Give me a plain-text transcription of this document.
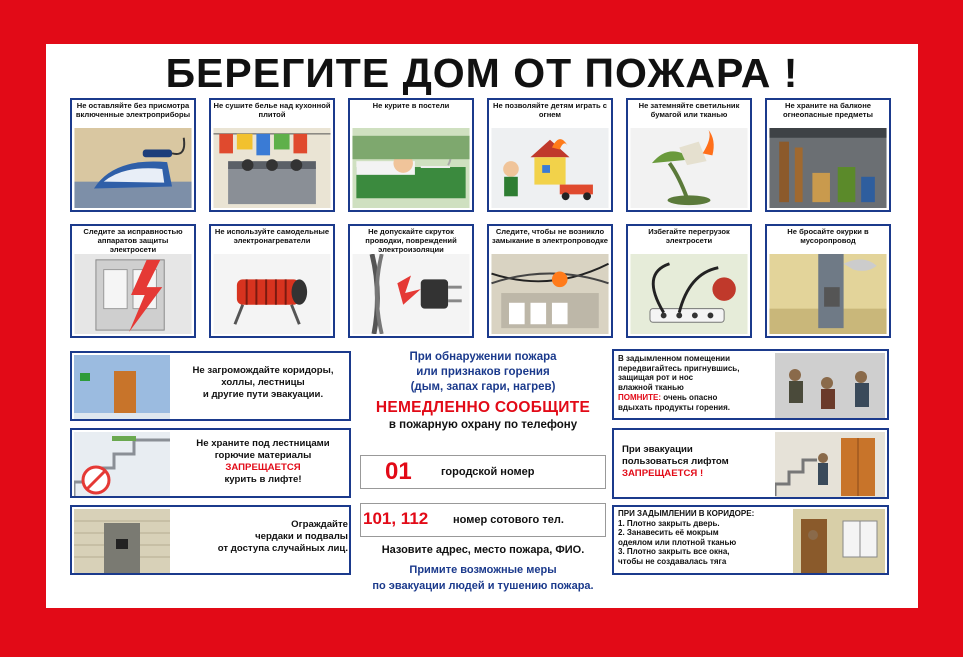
БЕРЕГИТЕ ДОМ ОТ ПОЖАРА !
Не оставляйте без присмотра включенные электроприборы
Не сушите белье над кухонной плитой
Не курите в постели	Не позволяйте детям играть с огнем
Не затемняйте светильник бумагой или тканью
Не храните на балконе огнеопасные предметы
Следите за исправностью аппаратов защиты электросети
Не используйте самодельные электронагреватели
Не допускайте скруток проводки, повреждений электроизоляции
Следите, чтобы не возникло замыкание в электропроводке
Избегайте перегрузок электросети
Не бросайте окурки в мусоропровод
Не загромождайте коридоры,
холлы, лестницы
и другие пути эвакуации.
Не храните под лестницами
горючие материалы
ЗАПРЕЩАЕТСЯ
курить в лифте!
Ограждайте
чердаки и подвалы
от доступа случайных лиц.
При обнаружении пожара
или признаков горения
(дым, запах гари, нагрев)
НЕМЕДЛЕННО СООБЩИТЕ
в пожарную охрану по телефону
01	городской номер
101, 112 номер сотового тел.
Назовите адрес, место пожара, ФИО.
Примите возможные меры
по эвакуации людей и тушению пожара.
В задымленном помещении
передвигайтесь пригнувшись,
защищая рот и нос
влажной тканью
ПОМНИТЕ: очень опасно
вдыхать продукты горения.
При эвакуации
пользоваться лифтом
ЗАПРЕЩАЕТСЯ !
ПРИ ЗАДЫМЛЕНИИ В КОРИДОРЕ:
1. Плотно закрыть дверь.
2. Занавесить её мокрым
одеялом или плотной тканью
3. Плотно закрыть все окна,
чтобы не создавалась тяга
